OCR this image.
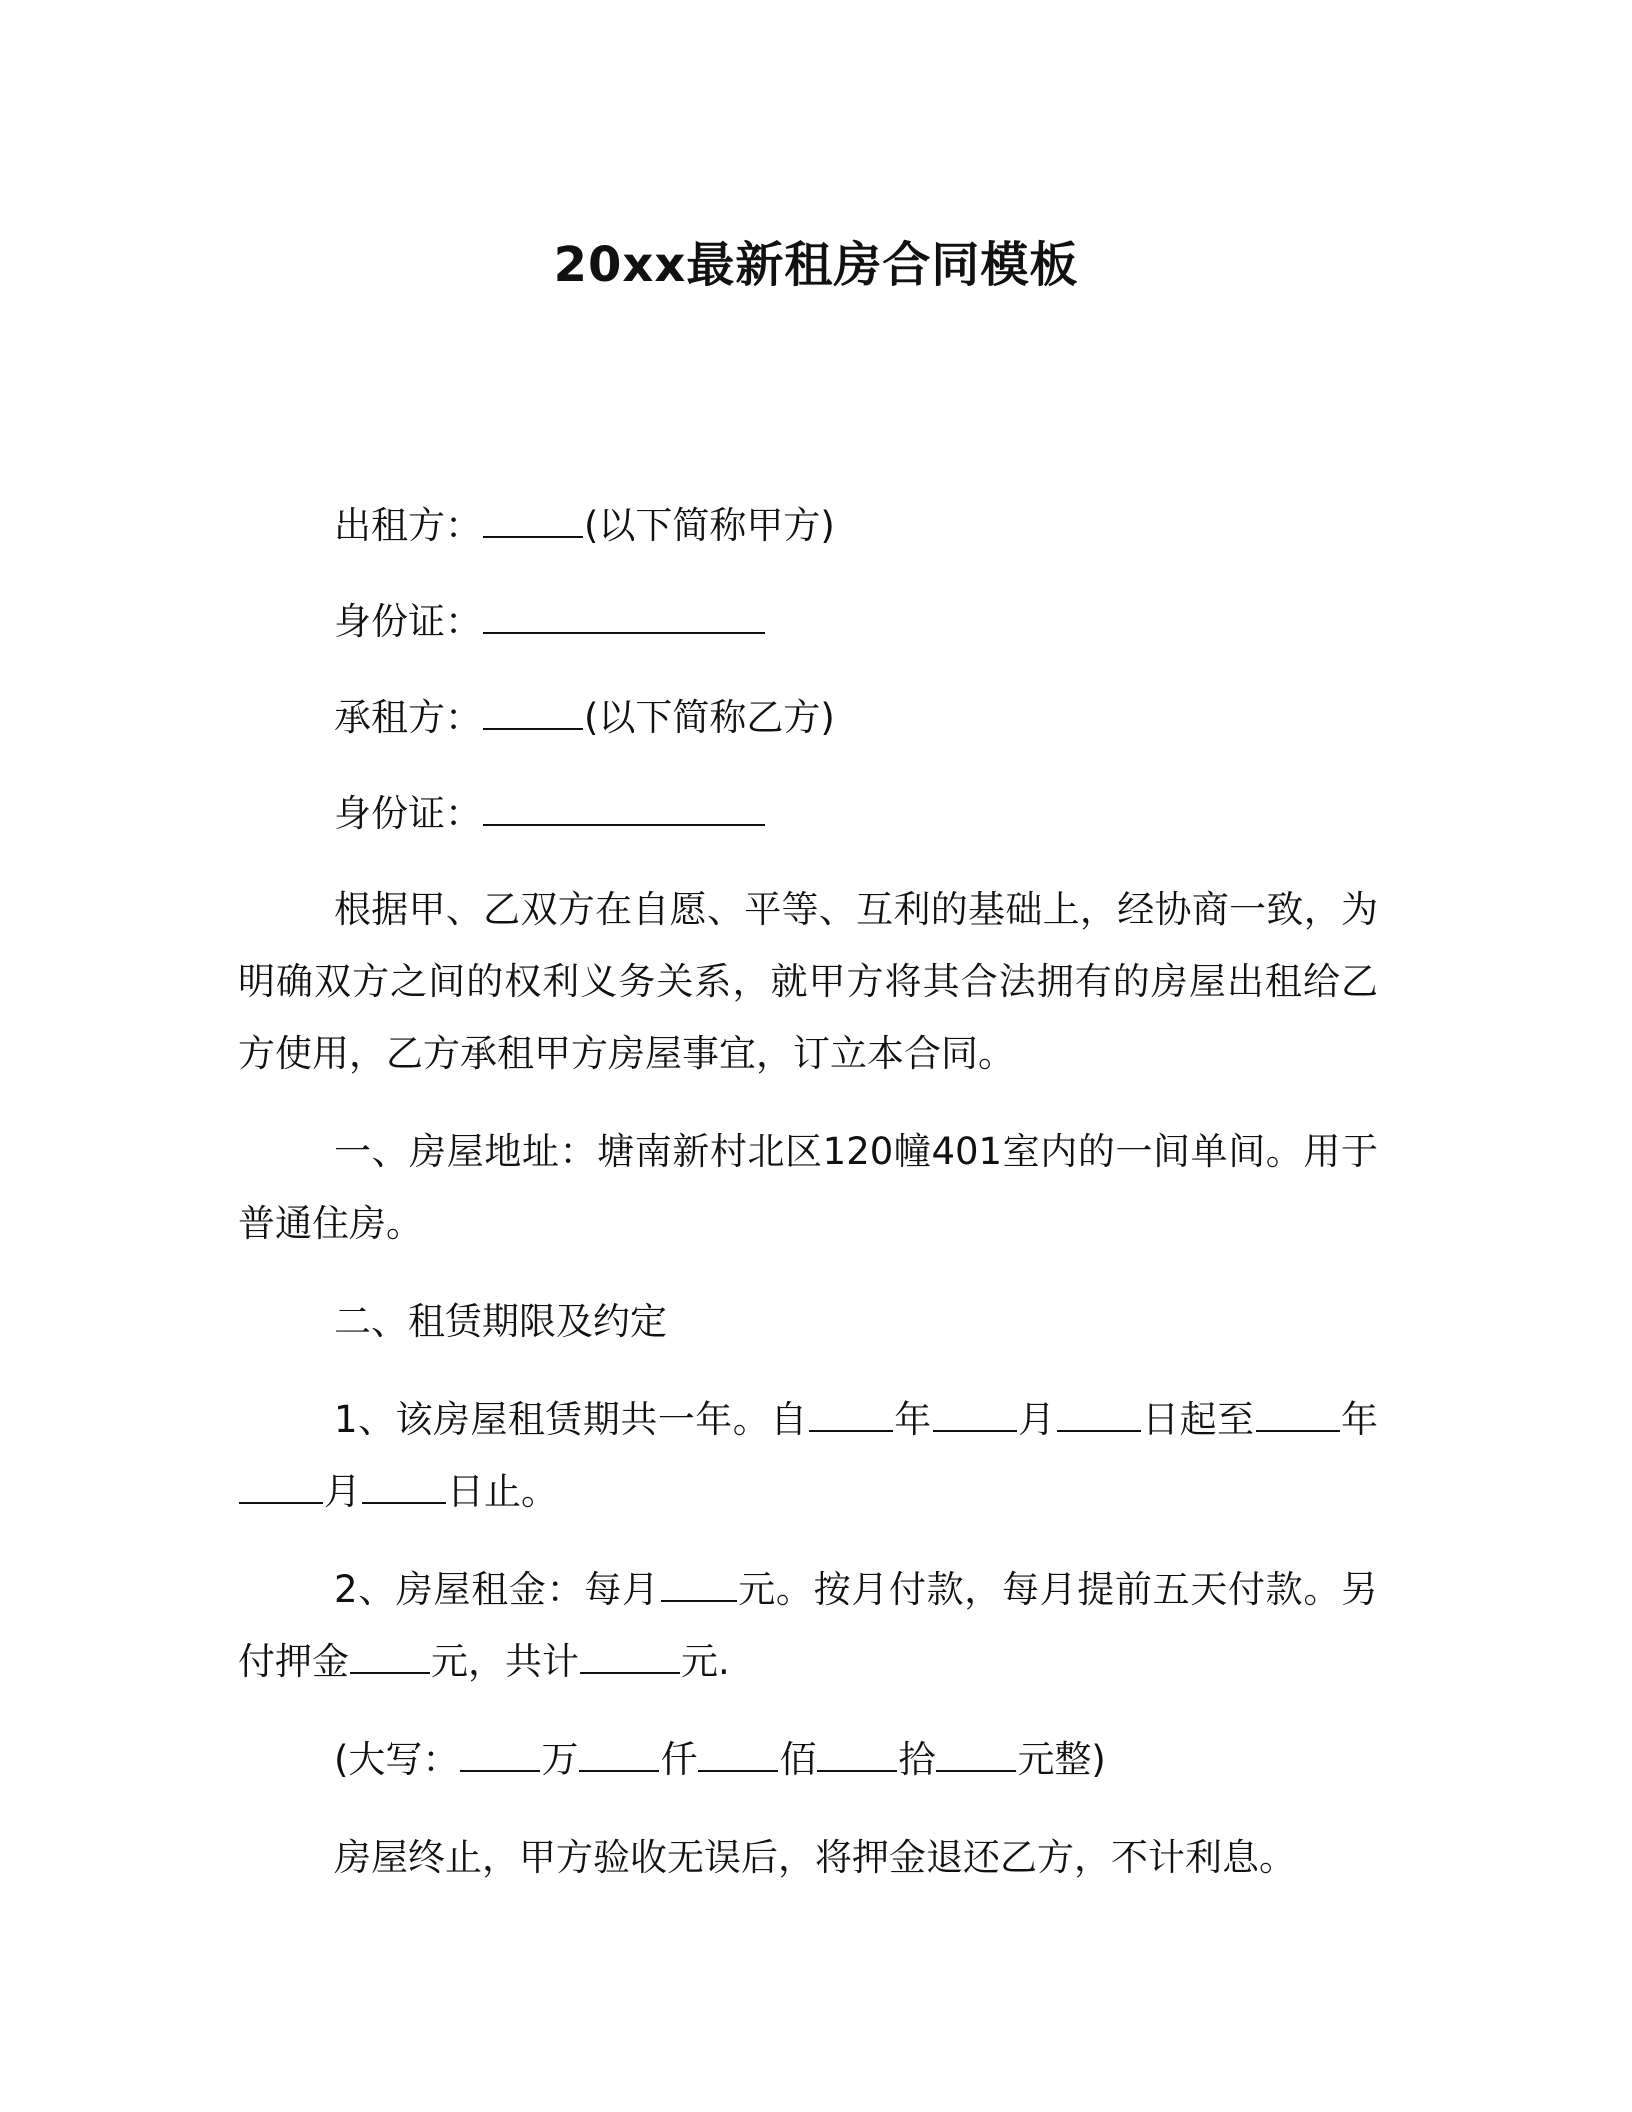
20xx最新租房合同模板

出租方：	(以下简称甲方)

身份证：

承租方：	(以下简称乙方)

身份证：

根据甲、乙双方在自愿、平等、互利的基础上，经协商一致，为明确双方之间的权利义务关系，就甲方将其合法拥有的房屋出租给乙方使用，乙方承租甲方房屋事宜，订立本合同。

一、房屋地址：塘南新村北区120幢401室内的一间单间。用于普通住房。

二、租赁期限及约定

1、该房屋租赁期共一年。自 年 月 日起至 年月 日止。

2、房屋租金：每月 元。按月付款，每月提前五天付款。另付押金 元，共计	元.

(大写： 万 仟 佰 拾 元整)

房屋终止，甲方验收无误后，将押金退还乙方，不计利息。
